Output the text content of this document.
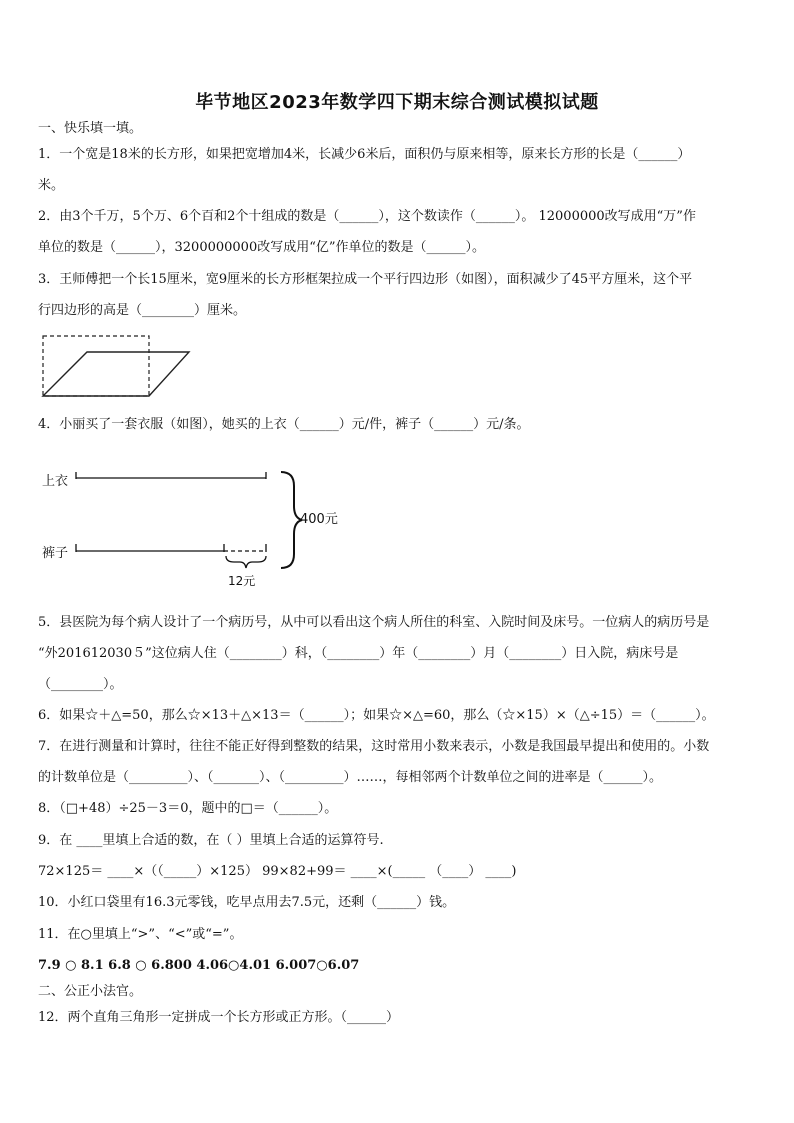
毕节地区2023年数学四下期末综合测试模拟试题
一、快乐填一填。
1．一个宽是18米的长方形，如果把宽增加4米，长减少6米后，面积仍与原来相等，原来长方形的长是（______）
米。
2．由3个千万，5个万、6个百和2个十组成的数是（______），这个数读作（______）。 12000000改写成用“万”作
单位的数是（______），3200000000改写成用“亿”作单位的数是（______）。
3．王师傅把一个长15厘米，宽9厘米的长方形框架拉成一个平行四边形（如图），面积减少了45平方厘米，这个平
行四边形的高是（________）厘米。
4．小丽买了一套衣服（如图），她买的上衣（______）元/件，裤子（______）元/条。
上衣
裤子
400元
12元
5．县医院为每个病人设计了一个病历号，从中可以看出这个病人所住的科室、入院时间及床号。一位病人的病历号是
“外201612030５”这位病人住（________）科，（________）年（________）月（________）日入院，病床号是
（________）。
6．如果☆＋△=50，那么☆×13＋△×13＝（______）；如果☆×△=60，那么（☆×15）×（△÷15）＝（______）。
7．在进行测量和计算时，往往不能正好得到整数的结果，这时常用小数来表示，小数是我国最早提出和使用的。小数
的计数单位是（_________）、（_______）、（_________）……，每相邻两个计数单位之间的进率是（______）。
8．（□+48）÷25－3＝0，题中的□＝（______）。
9．在 ____里填上合适的数，在（ ）里填上合适的运算符号.
72×125＝ ____×（（_____）×125） 99×82+99＝ ____×(_____ （____） ____)
10．小红口袋里有16.3元零钱，吃早点用去7.5元，还剩（______）钱。
11．在○里填上“>”、“<”或“=”。
7.9 ○ 8.1 6.8 ○ 6.800 4.06○4.01 6.007○6.07
二、公正小法官。
12．两个直角三角形一定拼成一个长方形或正方形。（______）
